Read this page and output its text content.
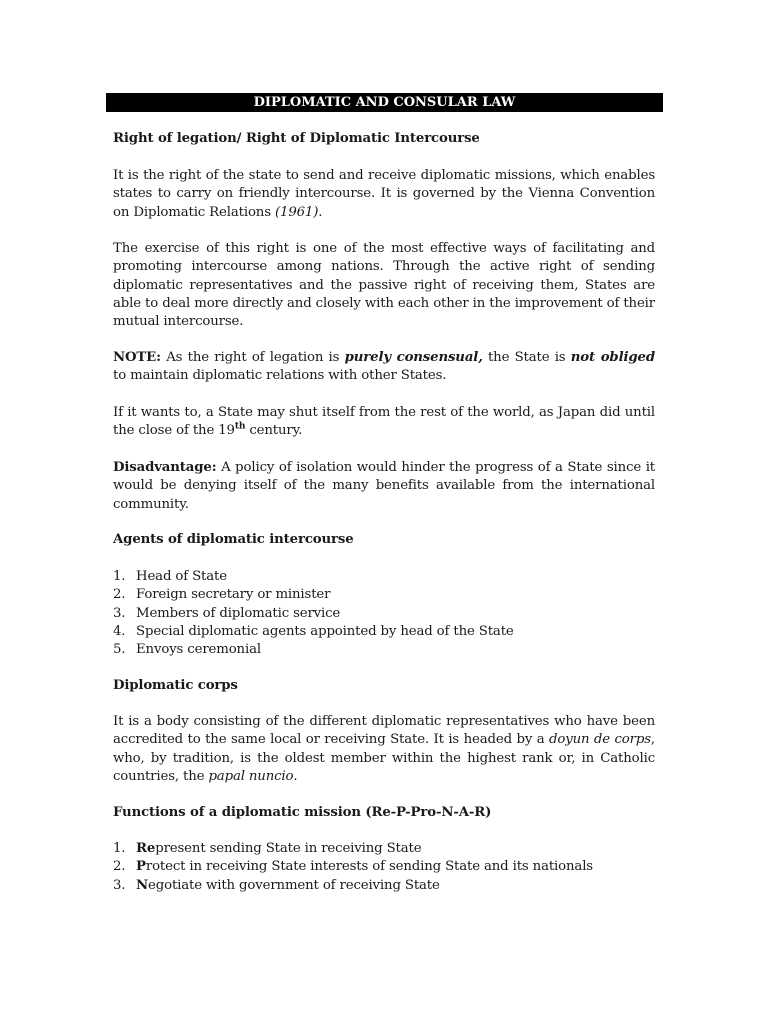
DIPLOMATIC AND CONSULAR LAW
Right of legation/ Right of Diplomatic Intercourse

It is the right of the state to send and receive diplomatic missions, which enables states to carry on friendly intercourse. It is governed by the Vienna Convention on Diplomatic Relations (1961).

The exercise of this right is one of the most effective ways of facilitating and promoting intercourse among nations. Through the active right of sending diplomatic representatives and the passive right of receiving them, States are able to deal more directly and closely with each other in the improvement of their mutual intercourse.

NOTE: As the right of legation is purely consensual, the State is not obliged to maintain diplomatic relations with other States.

If it wants to, a State may shut itself from the rest of the world, as Japan did until the close of the 19th century.

Disadvantage: A policy of isolation would hinder the progress of a State since it would be denying itself of the many benefits available from the international community.

Agents of diplomatic intercourse
1. Head of State
2. Foreign secretary or minister
3. Members of diplomatic service
4. Special diplomatic agents appointed by head of the State
5. Envoys ceremonial
Diplomatic corps

It is a body consisting of the different diplomatic representatives who have been accredited to the same local or receiving State. It is headed by a doyun de corps, who, by tradition, is the oldest member within the highest rank or, in Catholic countries, the papal nuncio.

Functions of a diplomatic mission (Re-P-Pro-N-A-R)
1. Represent sending State in receiving State
2. Protect in receiving State interests of sending State and its nationals
3. Negotiate with government of receiving State
